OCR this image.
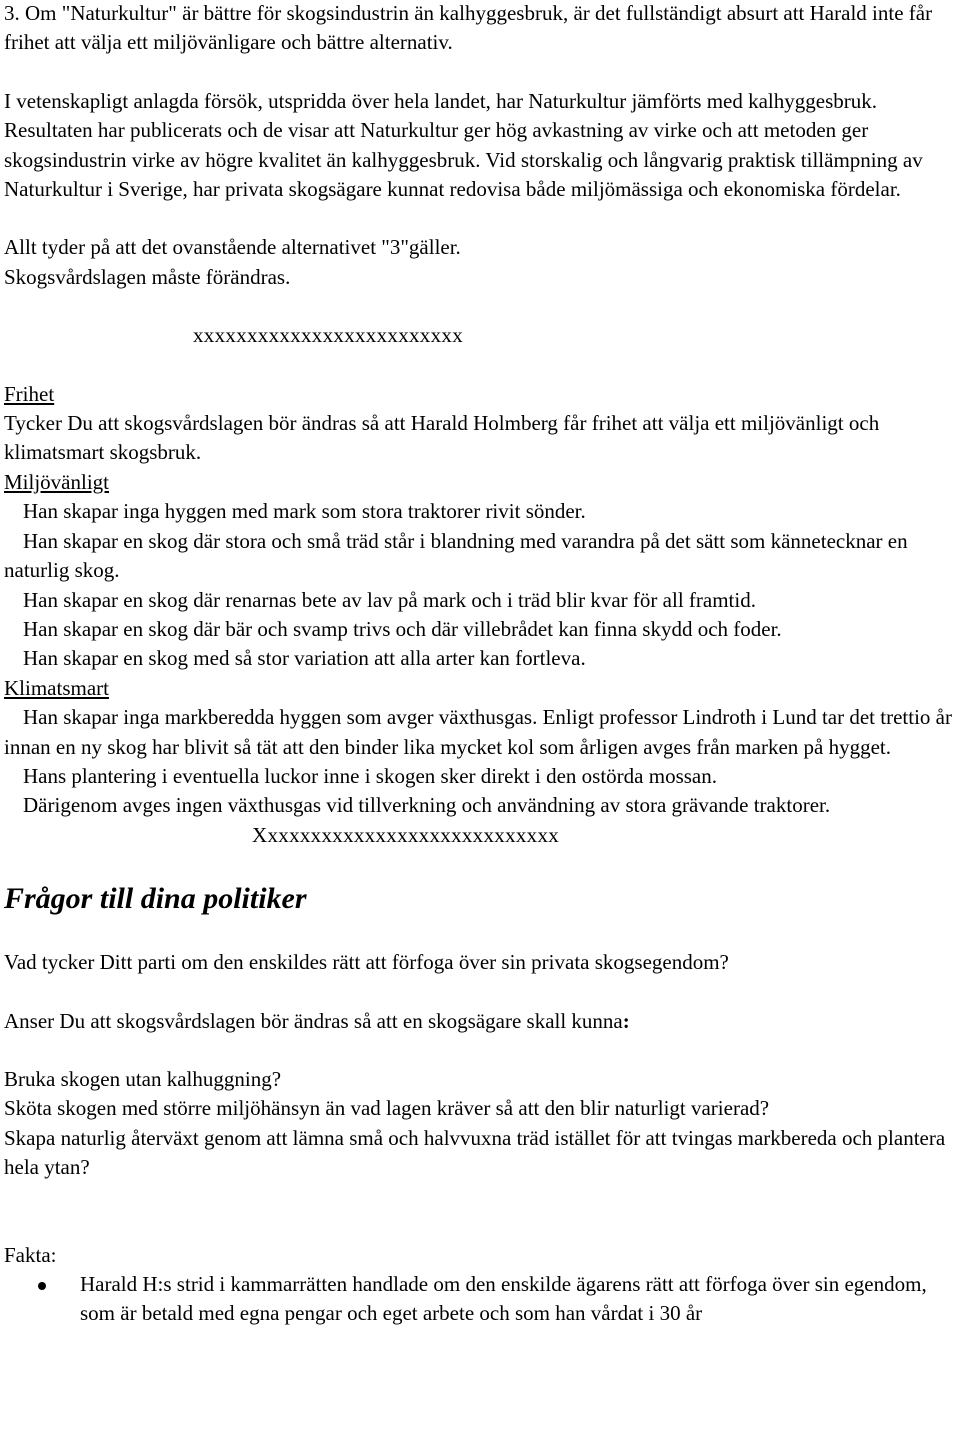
3. Om "Naturkultur" är bättre för skogsindustrin än kalhyggesbruk, är det fullständigt absurt att Harald inte får frihet att välja ett miljövänligare och bättre alternativ.

I vetenskapligt anlagda försök, utspridda över hela landet, har Naturkultur jämförts med kalhyggesbruk. Resultaten har publicerats och de visar att Naturkultur ger hög avkastning av virke och att metoden ger skogsindustrin virke av högre kvalitet än kalhyggesbruk. Vid storskalig och långvarig praktisk tillämpning av Naturkultur i Sverige, har privata skogsägare kunnat redovisa både miljömässiga och ekonomiska fördelar.

Allt tyder på att det ovanstående alternativet "3"gäller.

Skogsvårdslagen måste förändras.

xxxxxxxxxxxxxxxxxxxxxxxxx

Frihet

Tycker Du att skogsvårdslagen bör ändras så att Harald Holmberg får frihet att välja ett miljövänligt och klimatsmart skogsbruk.

Miljövänligt

Han skapar inga hyggen med mark som stora traktorer rivit sönder.

Han skapar en skog där stora och små träd står i blandning med varandra på det sätt som kännetecknar en naturlig skog.

Han skapar en skog där renarnas bete av lav på mark och i träd blir kvar för all framtid.

Han skapar en skog där bär och svamp trivs och där villebrådet kan finna skydd och foder.

Han skapar en skog med så stor variation att alla arter kan fortleva.

Klimatsmart

Han skapar inga markberedda hyggen som avger växthusgas. Enligt professor Lindroth i Lund tar det trettio år innan en ny skog har blivit så tät att den binder lika mycket kol som årligen avges från marken på hygget.

Hans plantering i eventuella luckor inne i skogen sker direkt i den ostörda mossan.

Därigenom avges ingen växthusgas vid tillverkning och användning av stora grävande traktorer.

Xxxxxxxxxxxxxxxxxxxxxxxxxxxx

Frågor till dina politiker

Vad tycker Ditt parti om den enskildes rätt att förfoga över sin privata skogsegendom?

Anser Du att skogsvårdslagen bör ändras så att en skogsägare skall kunna:

Bruka skogen utan kalhuggning?

Sköta skogen med större miljöhänsyn än vad lagen kräver så att den blir naturligt varierad?

Skapa naturlig återväxt genom att lämna små och halvvuxna träd istället för att tvingas markbereda och plantera hela ytan?

Fakta:

Harald H:s strid i kammarrätten handlade om den enskilde ägarens rätt att förfoga över sin egendom, som är betald med egna pengar och eget arbete och som han vårdat i 30 år
